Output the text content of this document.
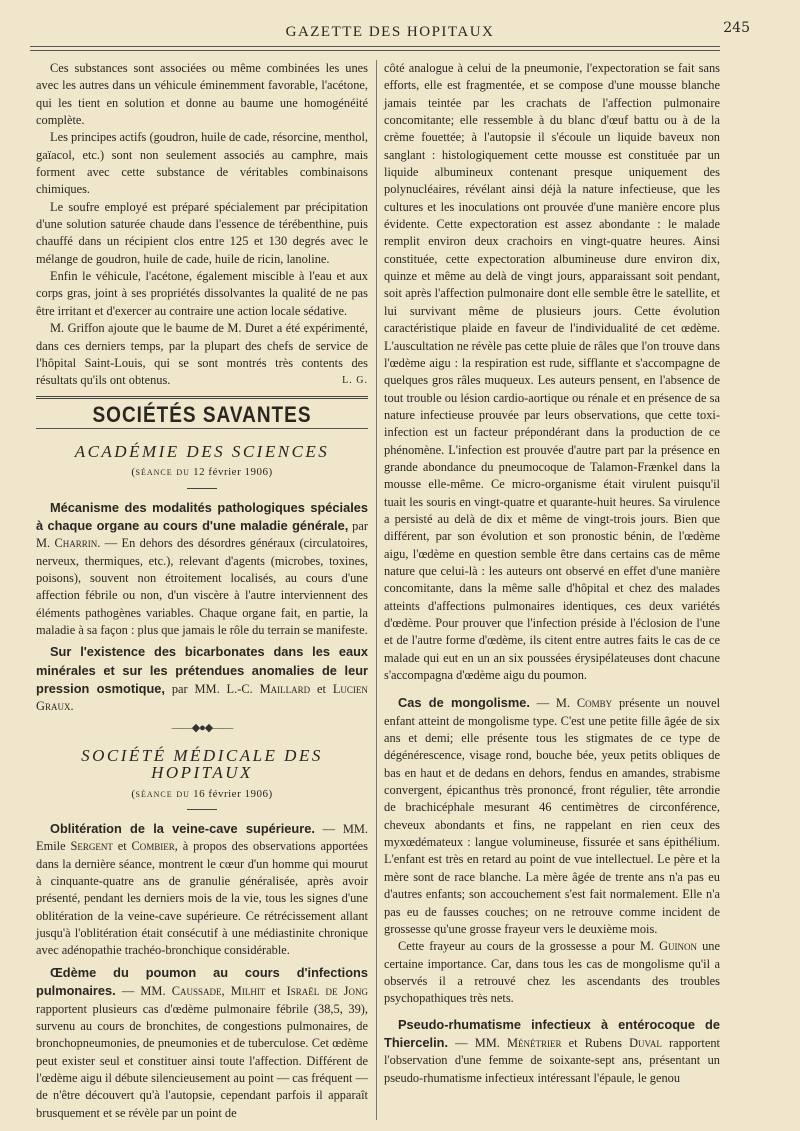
GAZETTE DES HOPITAUX	245

Ces substances sont associées ou même combinées les unes avec les autres dans un véhicule éminemment favorable, l'acétone, qui les tient en solution et donne au baume une homogénéité complète.

Les principes actifs (goudron, huile de cade, résorcine, menthol, gaïacol, etc.) sont non seulement associés au camphre, mais forment avec cette substance de véritables combinaisons chimiques.

Le soufre employé est préparé spécialement par précipitation d'une solution saturée chaude dans l'essence de térébenthine, puis chauffé dans un récipient clos entre 125 et 130 degrés avec le mélange de goudron, huile de cade, huile de ricin, lanoline.

Enfin le véhicule, l'acétone, également miscible à l'eau et aux corps gras, joint à ses propriétés dissolvantes la qualité de ne pas être irritant et d'exercer au contraire une action locale sédative.

M. Griffon ajoute que le baume de M. Duret a été expérimenté, dans ces derniers temps, par la plupart des chefs de service de l'hôpital Saint-Louis, qui se sont montrés très contents des résultats qu'ils ont obtenus.	L. G.

SOCIÉTÉS SAVANTES
ACADÉMIE DES SCIENCES
(séance du 12 février 1906)

Mécanisme des modalités pathologiques spéciales à chaque organe au cours d'une maladie générale, par M. Charrin. — En dehors des désordres généraux (circulatoires, nerveux, thermiques, etc.), relevant d'agents (microbes, toxines, poisons), souvent non étroitement localisés, au cours d'une affection fébrile ou non, d'un viscère à l'autre interviennent des éléments pathogènes variables. Chaque organe fait, en partie, la maladie à sa façon : plus que jamais le rôle du terrain se manifeste.

Sur l'existence des bicarbonates dans les eaux minérales et sur les prétendues anomalies de leur pression osmotique, par MM. L.-C. Maillard et Lucien Graux.

——◆●◆——
SOCIÉTÉ MÉDICALE DES HOPITAUX
(séance du 16 février 1906)

Oblitération de la veine-cave supérieure. — MM. Emile Sergent et Combier, à propos des observations apportées dans la dernière séance, montrent le cœur d'un homme qui mourut à cinquante-quatre ans de granulie généralisée, après avoir présenté, pendant les derniers mois de la vie, tous les signes d'une oblitération de la veine-cave supérieure. Ce rétrécissement allant jusqu'à l'oblitération était consécutif à une médiastinite chronique avec adénopathie trachéo-bronchique considérable.

Œdème du poumon au cours d'infections pulmonaires. — MM. Caussade, Milhit et Israël de Jong rapportent plusieurs cas d'œdème pulmonaire fébrile (38,5, 39), survenu au cours de bronchites, de congestions pulmonaires, de bronchopneumonies, de pneumonies et de tuberculose. Cet œdème peut exister seul et constituer ainsi toute l'affection. Différent de l'œdème aigu il débute silencieusement au point — cas fréquent — de n'être découvert qu'à l'autopsie, cependant parfois il apparaît brusquement et se révèle par un point de

côté analogue à celui de la pneumonie, l'expectoration se fait sans efforts, elle est fragmentée, et se compose d'une mousse blanche jamais teintée par les crachats de l'affection pulmonaire concomitante; elle ressemble à du blanc d'œuf battu ou à de la crème fouettée; à l'autopsie il s'écoule un liquide baveux non sanglant : histologiquement cette mousse est constituée par un liquide albumineux contenant presque uniquement des polynucléaires, révélant ainsi déjà la nature infectieuse, que les cultures et les inoculations ont prouvée d'une manière encore plus évidente. Cette expectoration est assez abondante : le malade remplit environ deux crachoirs en vingt-quatre heures. Ainsi constituée, cette expectoration albumineuse dure environ dix, quinze et même au delà de vingt jours, apparaissant soit pendant, soit après l'affection pulmonaire dont elle semble être le satellite, et lui survivant même de plusieurs jours. Cette évolution caractéristique plaide en faveur de l'individualité de cet œdème. L'auscultation ne révèle pas cette pluie de râles que l'on trouve dans l'œdème aigu : la respiration est rude, sifflante et s'accompagne de quelques gros râles muqueux. Les auteurs pensent, en l'absence de tout trouble ou lésion cardio-aortique ou rénale et en présence de sa nature infectieuse prouvée par leurs observations, que cette toxi-infection est un facteur prépondérant dans la production de ce phénomène. L'infection est prouvée d'autre part par la présence en grande abondance du pneumocoque de Talamon-Frænkel dans la mousse elle-même. Ce micro-organisme était virulent puisqu'il tuait les souris en vingt-quatre et quarante-huit heures. Sa virulence a persisté au delà de dix et même de vingt-trois jours. Bien que différent, par son évolution et son pronostic bénin, de l'œdème aigu, l'œdème en question semble être dans certains cas de même nature que celui-là : les auteurs ont observé en effet d'une manière concomitante, dans la même salle d'hôpital et chez des malades atteints d'affections pulmonaires identiques, ces deux variétés d'œdème. Pour prouver que l'infection préside à l'éclosion de l'une et de l'autre forme d'œdème, ils citent entre autres faits le cas de ce malade qui eut en un an six poussées érysipélateuses dont chacune s'accompagna d'œdème aigu du poumon.

Cas de mongolisme. — M. Comby présente un nouvel enfant atteint de mongolisme type. C'est une petite fille âgée de six ans et demi; elle présente tous les stigmates de ce type de dégénérescence, visage rond, bouche bée, yeux petits obliques de bas en haut et de dedans en dehors, fendus en amandes, strabisme convergent, épicanthus très prononcé, front régulier, tête arrondie de brachicéphale mesurant 46 centimètres de circonférence, cheveux abondants et fins, ne rappelant en rien ceux des myxœdémateux : langue volumineuse, fissurée et sans épithélium. L'enfant est très en retard au point de vue intellectuel. Le père et la mère sont de race blanche. La mère âgée de trente ans n'a pas eu d'autres enfants; son accouchement s'est fait normalement. Elle n'a pas eu de fausses couches; on ne retrouve comme incident de grossesse qu'une grosse frayeur vers le deuxième mois.

Cette frayeur au cours de la grossesse a pour M. Guinon une certaine importance. Car, dans tous les cas de mongolisme qu'il a observés il a retrouvé chez les ascendants des troubles psychopathiques très nets.

Pseudo-rhumatisme infectieux à entérocoque de Thiercelin. — MM. Ménétrier et Rubens Duval rapportent l'observation d'une femme de soixante-sept ans, présentant un pseudo-rhumatisme infectieux intéressant l'épaule, le genou
